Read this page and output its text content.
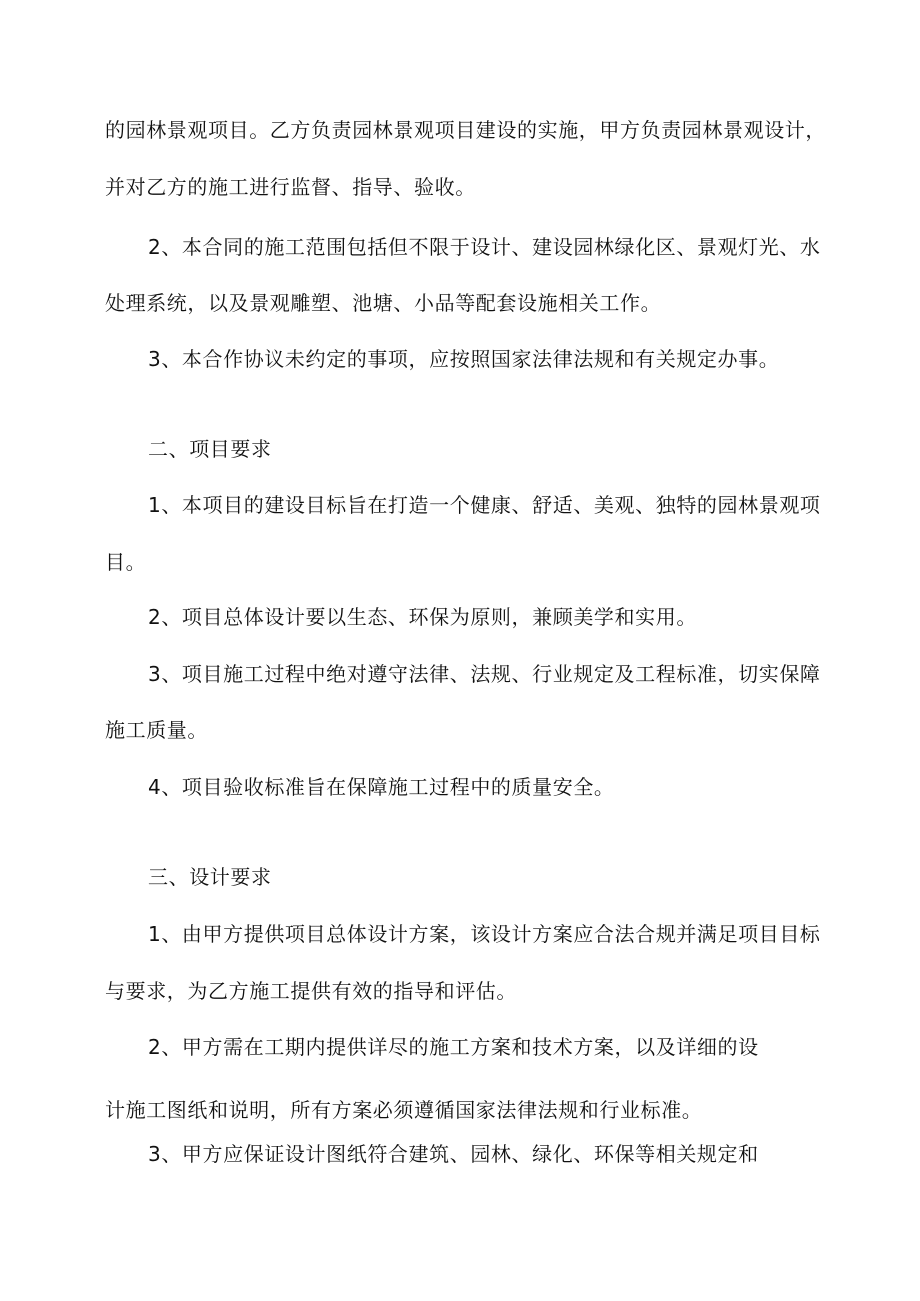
的园林景观项目。乙方负责园林景观项目建设的实施，甲方负责园林景观设计，

并对乙方的施工进行监督、指导、验收。

2、本合同的施工范围包括但不限于设计、建设园林绿化区、景观灯光、水

处理系统，以及景观雕塑、池塘、小品等配套设施相关工作。

3、本合作协议未约定的事项，应按照国家法律法规和有关规定办事。

二、项目要求

1、本项目的建设目标旨在打造一个健康、舒适、美观、独特的园林景观项

目。

2、项目总体设计要以生态、环保为原则，兼顾美学和实用。

3、项目施工过程中绝对遵守法律、法规、行业规定及工程标准，切实保障

施工质量。

4、项目验收标准旨在保障施工过程中的质量安全。

三、设计要求

1、由甲方提供项目总体设计方案，该设计方案应合法合规并满足项目目标

与要求，为乙方施工提供有效的指导和评估。

2、甲方需在工期内提供详尽的施工方案和技术方案，以及详细的设

计施工图纸和说明，所有方案必须遵循国家法律法规和行业标准。

3、甲方应保证设计图纸符合建筑、园林、绿化、环保等相关规定和
